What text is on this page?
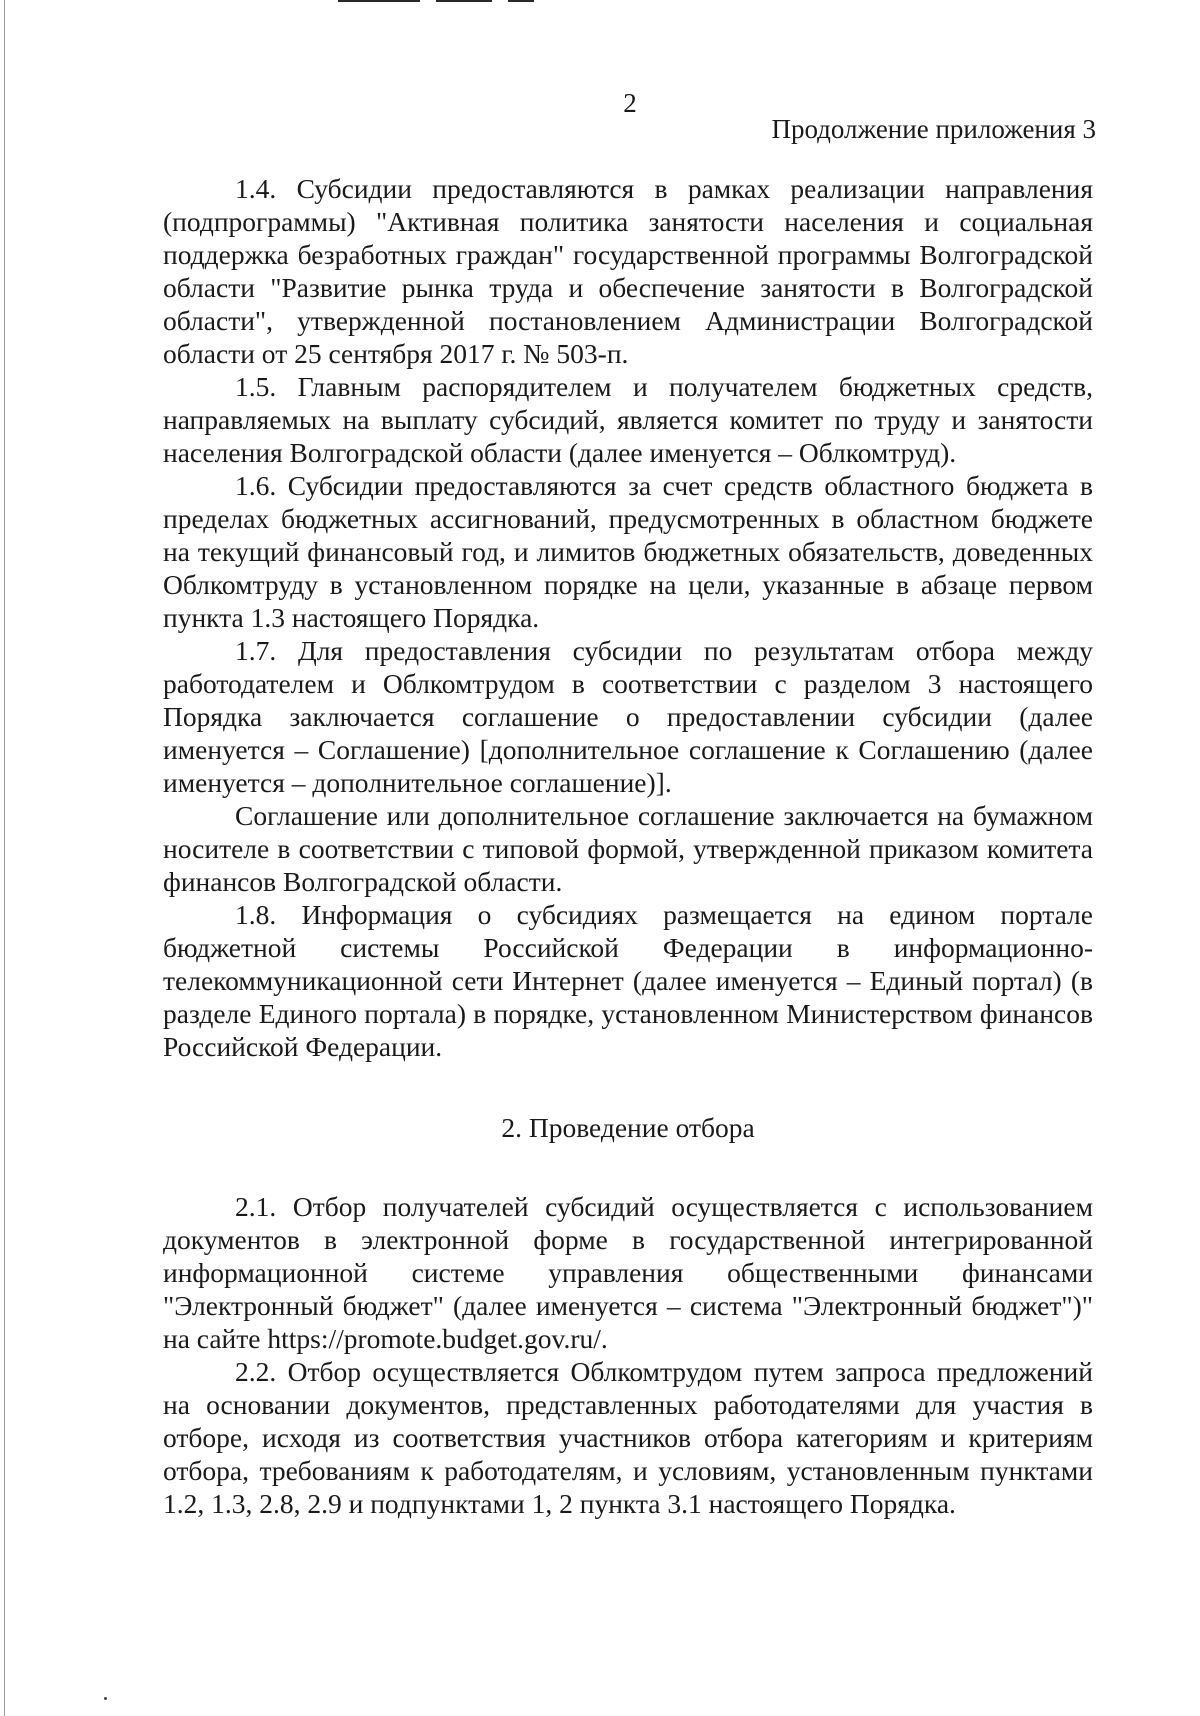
2
Продолжение приложения 3

1.4. Субсидии предоставляются в рамках реализации направления (подпрограммы) "Активная политика занятости населения и социальная поддержка безработных граждан" государственной программы Волгоградской области "Развитие рынка труда и обеспечение занятости в Волгоградской области", утвержденной постановлением Администрации Волгоградской области от 25 сентября 2017 г. № 503-п.

1.5. Главным распорядителем и получателем бюджетных средств, направляемых на выплату субсидий, является комитет по труду и занятости населения Волгоградской области (далее именуется – Облкомтруд).

1.6. Субсидии предоставляются за счет средств областного бюджета в пределах бюджетных ассигнований, предусмотренных в областном бюджете на текущий финансовый год, и лимитов бюджетных обязательств, доведенных Облкомтруду в установленном порядке на цели, указанные в абзаце первом пункта 1.3 настоящего Порядка.

1.7. Для предоставления субсидии по результатам отбора между работодателем и Облкомтрудом в соответствии с разделом 3 настоящего Порядка заключается соглашение о предоставлении субсидии (далее именуется – Соглашение) [дополнительное соглашение к Соглашению (далее именуется – дополнительное соглашение)].

Соглашение или дополнительное соглашение заключается на бумажном носителе в соответствии с типовой формой, утвержденной приказом комитета финансов Волгоградской области.

1.8. Информация о субсидиях размещается на едином портале бюджетной системы Российской Федерации в информационно-телекоммуникационной сети Интернет (далее именуется – Единый портал) (в разделе Единого портала) в порядке, установленном Министерством финансов Российской Федерации.

2. Проведение отбора

2.1. Отбор получателей субсидий осуществляется с использованием документов в электронной форме в государственной интегрированной информационной системе управления общественными финансами "Электронный бюджет" (далее именуется – система "Электронный бюджет")" на сайте https://promote.budget.gov.ru/.

2.2. Отбор осуществляется Облкомтрудом путем запроса предложений на основании документов, представленных работодателями для участия в отборе, исходя из соответствия участников отбора категориям и критериям отбора, требованиям к работодателям, и условиям, установленным пунктами 1.2, 1.3, 2.8, 2.9 и подпунктами 1, 2 пункта 3.1 настоящего Порядка.
